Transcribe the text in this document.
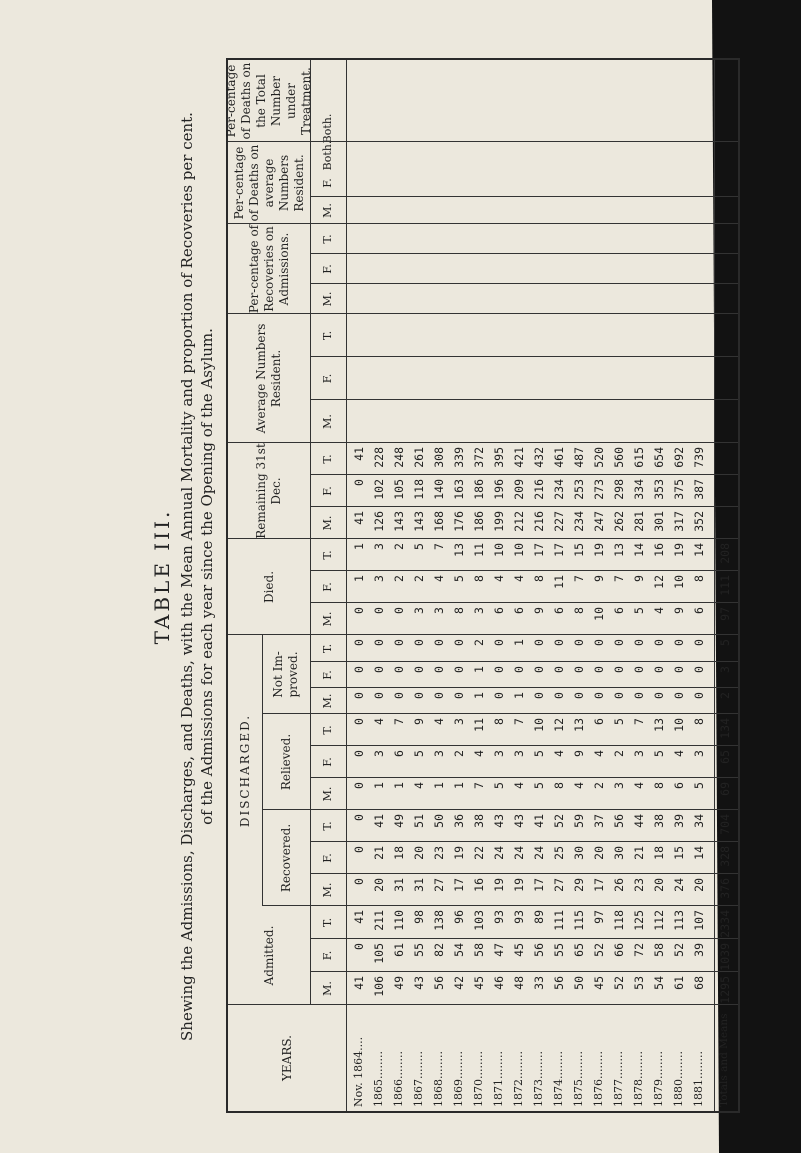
TABLE III. Shewing the Admissions, Discharges, and Deaths, with the Mean Annual Mortality and proportion of Recoveries per cent. of the Admissions for each year since the Opening of the Asylum.
YEARS.
Admitted.
DISCHARGED.
Recovered.
Relieved.
Not Im-proved.
Died.
Remaining 31st Dec.
Average Numbers Resident.
Per-centage of Recoveries on Admissions.
Per-centage of Deaths on average Numbers Resident.
Per-centage of Deaths on the Total Number under Treatment.
M.
F.
T.
M.
F.
T.
M.
F.
T.
M.
F.
T.
M.
F.
T.
M.
F.
T.
M.
F.
T.
M.
F.
T.
M.
F.
Both.
Both.
Nov. 1864....
41
0
41
0
0
0
0
0
0
0
0
0
0
1
1
41
0
41
1865........
106
105
211
20
21
41
1
3
4
0
0
0
0
3
3
126
102
228
1866........
49
61
110
31
18
49
1
6
7
0
0
0
0
2
2
143
105
248
1867........
43
55
98
31
20
51
4
5
9
0
0
0
3
2
5
143
118
261
1868........
56
82
138
27
23
50
1
3
4
0
0
0
3
4
7
168
140
308
1869........
42
54
96
17
19
36
1
2
3
0
0
0
8
5
13
176
163
339
1870........
45
58
103
16
22
38
7
4
11
1
1
2
3
8
11
186
186
372
1871........
46
47
93
19
24
43
5
3
8
0
0
0
6
4
10
199
196
395
1872........
48
45
93
19
24
43
4
3
7
1
0
1
6
4
10
212
209
421
1873........
33
56
89
17
24
41
5
5
10
0
0
0
9
8
17
216
216
432
1874........
56
55
111
27
25
52
8
4
12
0
0
0
6
11
17
227
234
461
1875........
50
65
115
29
30
59
4
9
13
0
0
0
8
7
15
234
253
487
1876........
45
52
97
17
20
37
2
4
6
0
0
0
10
9
19
247
273
520
1877........
52
66
118
26
30
56
3
2
5
0
0
0
6
7
13
262
298
560
1878........
53
72
125
23
21
44
4
3
7
0
0
0
5
9
14
281
334
615
1879........
54
58
112
20
18
38
8
5
13
0
0
0
4
12
16
301
353
654
1880........
61
52
113
24
15
39
6
4
10
0
0
0
9
10
19
317
375
692
1881........
68
39
107
20
14
34
5
3
8
0
0
0
6
8
14
352
387
739
Totals and Means
1295
1039
2334
376
328
704
69
65
134
2
3
5
97
111
208
